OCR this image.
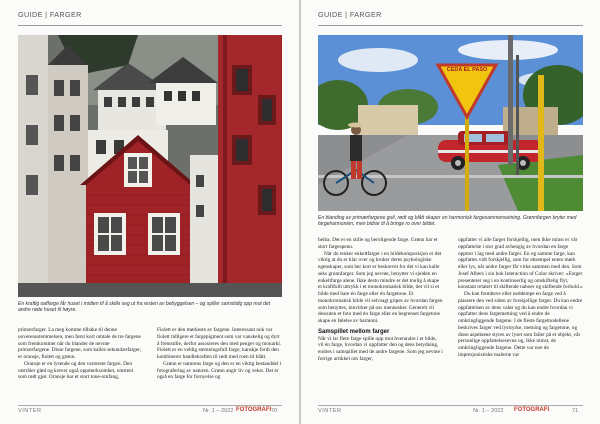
GUIDE | FARGER
En kraftig oaffarge får huset i midten til å skille seg ut fra resten av bebyggelsen – og spiller samstidig opp mot det andre røde huset til høyre.

primærfarger. La meg komme tilbake til denne uoverensstemmelsen, men først kort omtale de tre fargene som fremkommer når du blander de nevnte primærfargene. Disse fargene, som kalles sekundærfarger, er oransje, fiolett og grønn.

Oransje er en lysende og den varmeste fargen. Den utstråler glød og krever også oppmerksomhet, omtrent som rødt gjør. Oransje har et stort tone-omfang,

Fiolett er den mørkeste av fargene. Interessant nok var fiolett tidligere et fargepigment som var vanskelig og dyrt å fremstille, derfor assosieres den med penger og monarki. Fiolett er en veldig stemningsfull farge, kanskje fordi den kombinerer handlekraften til rødt med roen til blått.

Grønn er naturens farge og den er en viktig bestanddel i fotografering av naturen. Grønn angir liv og vekst. Det er også en farge for fornyelse og

VINTER	Nr. 1 – 2022 FOTOGRAFI 70
GUIDE | FARGER
CEDA EL PASO
En blanding av primærfargene gult, rødt og blått skaper en harmonisk fargesammensetning. Grønnfargen bryter med fargeharmonien, men bidrar til å bringe ro over bildet.

heiba. Det er en stille og beroligende farge. Grønn har et stort fargespenn.

Når du tenker enkeltfarger i en bildekomposisjon er det viktig at du er klar over og bruker deres psykologiske egenskaper, som her kort er beskrevet for det vi kan kalle seks grunnfarger. Som jeg nevnte, benytter vi sjelden en enkeltfarge alene. Ikke desto mindre er det mulig å skape et kraftfullt uttrykk i et monokromatisk bilde, det vil si et bilde med bare én farge eller én fargetone. Et monokromatisk bilde vil selvsagt gripes av hvordan fargen som benyttes, innvirker på oss mennesker. Generelt vil dessuten et foto med én farge eller en begrenset fargetone skape en følelse av harmoni.

Samspillet mellom farger

Når vi lar flere farge spille opp mot hverandre i et bilde, vil én farge, hvordan vi oppfatter den og dens betydning, endres i samspillet med de andre fargene. Som jeg nevnte i forrige artikkel om farger,

oppfatter vi alle farger forskjellig, men ikke minst er vår oppfattelse i stor grad avhengig av hvordan en farge opptrer i lag med andre farger. En og samme farge, kan oppfattes vidt forskjellig, som for eksempel enten mørk eller lys, når andre farger får virke sammen med den. Som Josef Albers i sin bok Interaction of Color skriver: «Farger presenterer seg i en kontinuerlig og omskiftelig flyt, konstant relatert til skiftende naboer og skiftende forhold.»

Du kan fremheve eller neddempe en farge ved å plassere den ved siden av forskjellige farger. Du kan endre oppfattelsen av dens valør og du kan endre hvordan vi oppfatter dens fargemetning ved å endre de omkringliggende fargene. I de fleste fargemodellene beskrives farger ved lysstyrke, metning og fargetone, og disse aspektene styres av lyset som faller på et objekt, vår personlige oppfattelsesevne og, ikke minst, de omkringliggende fargene. Dette var noe de impresjonistiske malerne var

VINTER	Nr. 1 – 2022 FOTOGRAFI	71
